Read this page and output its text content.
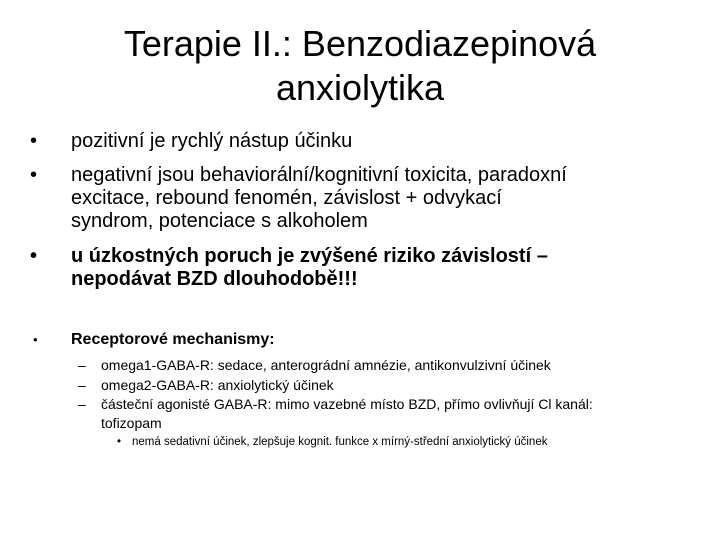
Terapie II.: Benzodiazepinová
anxiolytika
• pozitivní je rychlý nástup účinku
• negativní jsou behaviorální/kognitivní toxicita, paradoxní
excitace, rebound fenomén, závislost + odvykací
syndrom, potenciace s alkoholem
• u úzkostných poruch je zvýšené riziko závislostí –
nepodávat BZD dlouhodobě!!!
• Receptorové mechanismy:
– omega1-GABA-R: sedace, anterográdní amnézie, antikonvulzivní účinek
– omega2-GABA-R: anxiolytický účinek
– částeční agonisté GABA-R: mimo vazebné místo BZD, přímo ovlivňují Cl kanál:
tofizopam
• nemá sedativní účinek, zlepšuje kognit. funkce x mírný-střední anxiolytický účinek
